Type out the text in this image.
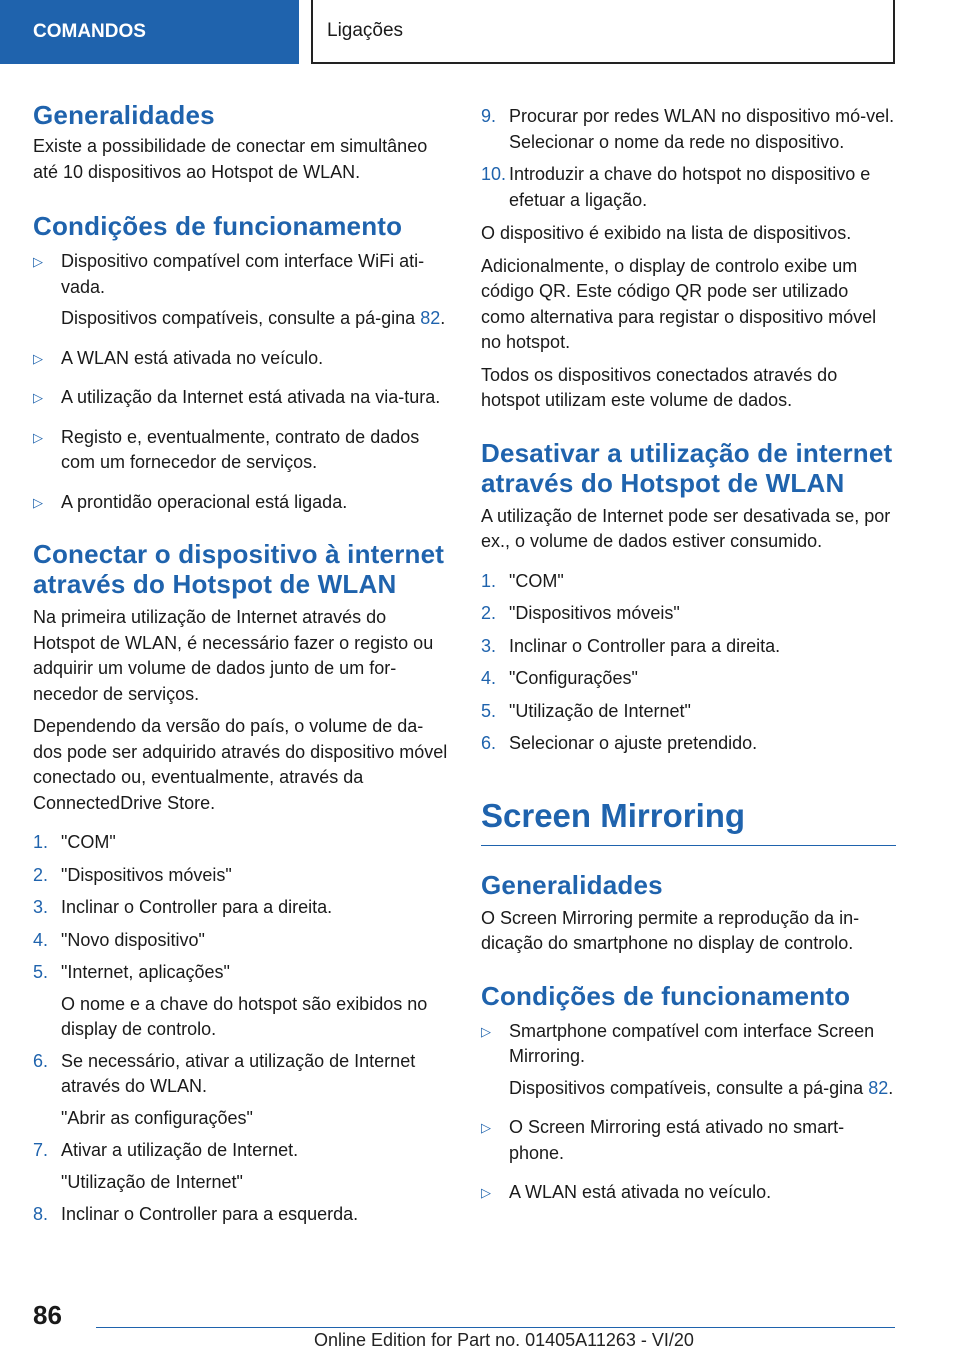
COMANDOS	Ligações
Generalidades

Existe a possibilidade de conectar em simultâneo até 10 dispositivos ao Hotspot de WLAN.

Condições de funcionamento
▷	Dispositivo compatível com interface WiFi ati-vada.
Dispositivos compatíveis, consulte a pá-gina 82.
▷	A WLAN está ativada no veículo.
▷	A utilização da Internet está ativada na via-tura.
▷	Registo e, eventualmente, contrato de dados com um fornecedor de serviços.
▷	A prontidão operacional está ligada.
Conectar o dispositivo à internet através do Hotspot de WLAN

Na primeira utilização de Internet através do Hotspot de WLAN, é necessário fazer o registo ou adquirir um volume de dados junto de um for-necedor de serviços.

Dependendo da versão do país, o volume de da-dos pode ser adquirido através do dispositivo móvel conectado ou, eventualmente, através da ConnectedDrive Store.

1. "COM"
2. "Dispositivos móveis"
3. Inclinar o Controller para a direita.
4. "Novo dispositivo"
5. "Internet, aplicações"
O nome e a chave do hotspot são exibidos no display de controlo.
6. Se necessário, ativar a utilização de Internet através do WLAN.
"Abrir as configurações"
7. Ativar a utilização de Internet.
"Utilização de Internet"
8. Inclinar o Controller para a esquerda.
9. Procurar por redes WLAN no dispositivo mó-vel. Selecionar o nome da rede no dispositivo.
10. Introduzir a chave do hotspot no dispositivo e efetuar a ligação.

O dispositivo é exibido na lista de dispositivos.

Adicionalmente, o display de controlo exibe um código QR. Este código QR pode ser utilizado como alternativa para registar o dispositivo móvel no hotspot.

Todos os dispositivos conectados através do hotspot utilizam este volume de dados.

Desativar a utilização de internet através do Hotspot de WLAN

A utilização de Internet pode ser desativada se, por ex., o volume de dados estiver consumido.

1. "COM"
2. "Dispositivos móveis"
3. Inclinar o Controller para a direita.
4. "Configurações"
5. "Utilização de Internet"
6. Selecionar o ajuste pretendido.
Screen Mirroring
Generalidades

O Screen Mirroring permite a reprodução da in-dicação do smartphone no display de controlo.

Condições de funcionamento
▷	Smartphone compatível com interface Screen Mirroring.
Dispositivos compatíveis, consulte a pá-gina 82.
▷	O Screen Mirroring está ativado no smart-phone.
▷	A WLAN está ativada no veículo.
86
Online Edition for Part no. 01405A11263 - VI/20
